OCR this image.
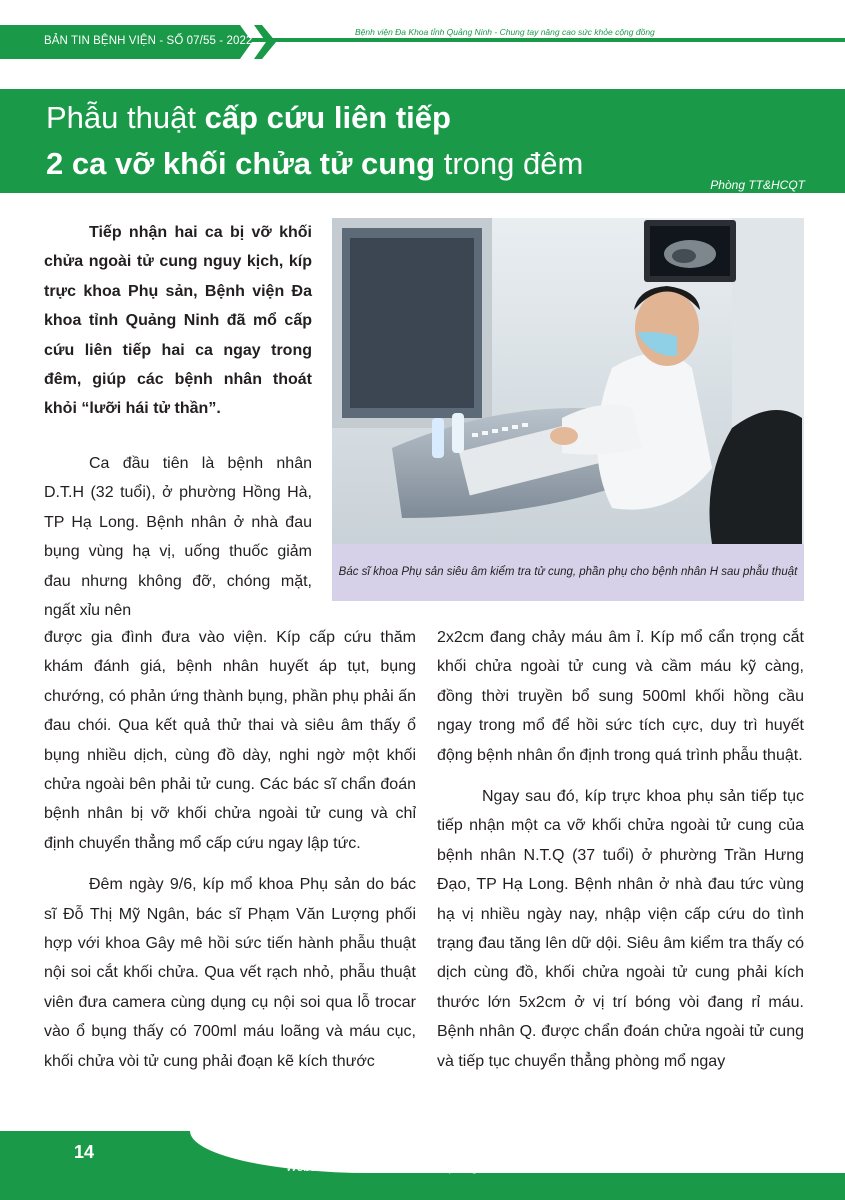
BẢN TIN BỆNH VIỆN - SỐ 07/55 - 2022
Bệnh viện Đa Khoa tỉnh Quảng Ninh - Chung tay nâng cao sức khỏe cộng đồng
Phẫu thuật cấp cứu liên tiếp
2 ca vỡ khối chửa tử cung trong đêm
Phòng TT&HCQT
Bác sĩ khoa Phụ sản siêu âm kiểm tra tử cung, phần phụ cho bệnh nhân H sau phẫu thuật

Tiếp nhận hai ca bị vỡ khối chửa ngoài tử cung nguy kịch, kíp trực khoa Phụ sản, Bệnh viện Đa khoa tỉnh Quảng Ninh đã mổ cấp cứu liên tiếp hai ca ngay trong đêm, giúp các bệnh nhân thoát khỏi “lưỡi hái tử thần”.

Ca đầu tiên là bệnh nhân D.T.H (32 tuổi), ở phường Hồng Hà, TP Hạ Long. Bệnh nhân ở nhà đau bụng vùng hạ vị, uống thuốc giảm đau nhưng không đỡ, chóng mặt, ngất xỉu nên

được gia đình đưa vào viện. Kíp cấp cứu thăm khám đánh giá, bệnh nhân huyết áp tụt, bụng chướng, có phản ứng thành bụng, phần phụ phải ấn đau chói. Qua kết quả thử thai và siêu âm thấy ổ bụng nhiều dịch, cùng đồ dày, nghi ngờ một khối chửa ngoài bên phải tử cung. Các bác sĩ chẩn đoán bệnh nhân bị vỡ khối chửa ngoài tử cung và chỉ định chuyển thẳng mổ cấp cứu ngay lập tức.

Đêm ngày 9/6, kíp mổ khoa Phụ sản do bác sĩ Đỗ Thị Mỹ Ngân, bác sĩ Phạm Văn Lượng phối hợp với khoa Gây mê hồi sức tiến hành phẫu thuật nội soi cắt khối chửa. Qua vết rạch nhỏ, phẫu thuật viên đưa camera cùng dụng cụ nội soi qua lỗ trocar vào ổ bụng thấy có 700ml máu loãng và máu cục, khối chửa vòi tử cung phải đoạn kẽ kích thước

2x2cm đang chảy máu âm ỉ. Kíp mổ cẩn trọng cắt khối chửa ngoài tử cung và cầm máu kỹ càng, đồng thời truyền bổ sung 500ml khối hồng cầu ngay trong mổ để hồi sức tích cực, duy trì huyết động bệnh nhân ổn định trong quá trình phẫu thuật.

Ngay sau đó, kíp trực khoa phụ sản tiếp tục tiếp nhận một ca vỡ khối chửa ngoài tử cung của bệnh nhân N.T.Q (37 tuổi) ở phường Trần Hưng Đạo, TP Hạ Long. Bệnh nhân ở nhà đau tức vùng hạ vị nhiều ngày nay, nhập viện cấp cứu do tình trạng đau tăng lên dữ dội. Siêu âm kiểm tra thấy có dịch cùng đồ, khối chửa ngoài tử cung phải kích thước lớn 5x2cm ở vị trí bóng vòi đang rỉ máu. Bệnh nhân Q. được chẩn đoán chửa ngoài tử cung và tiếp tục chuyển thẳng phòng mổ ngay

14
Website: www.benhviendktinhquangninh.vn
